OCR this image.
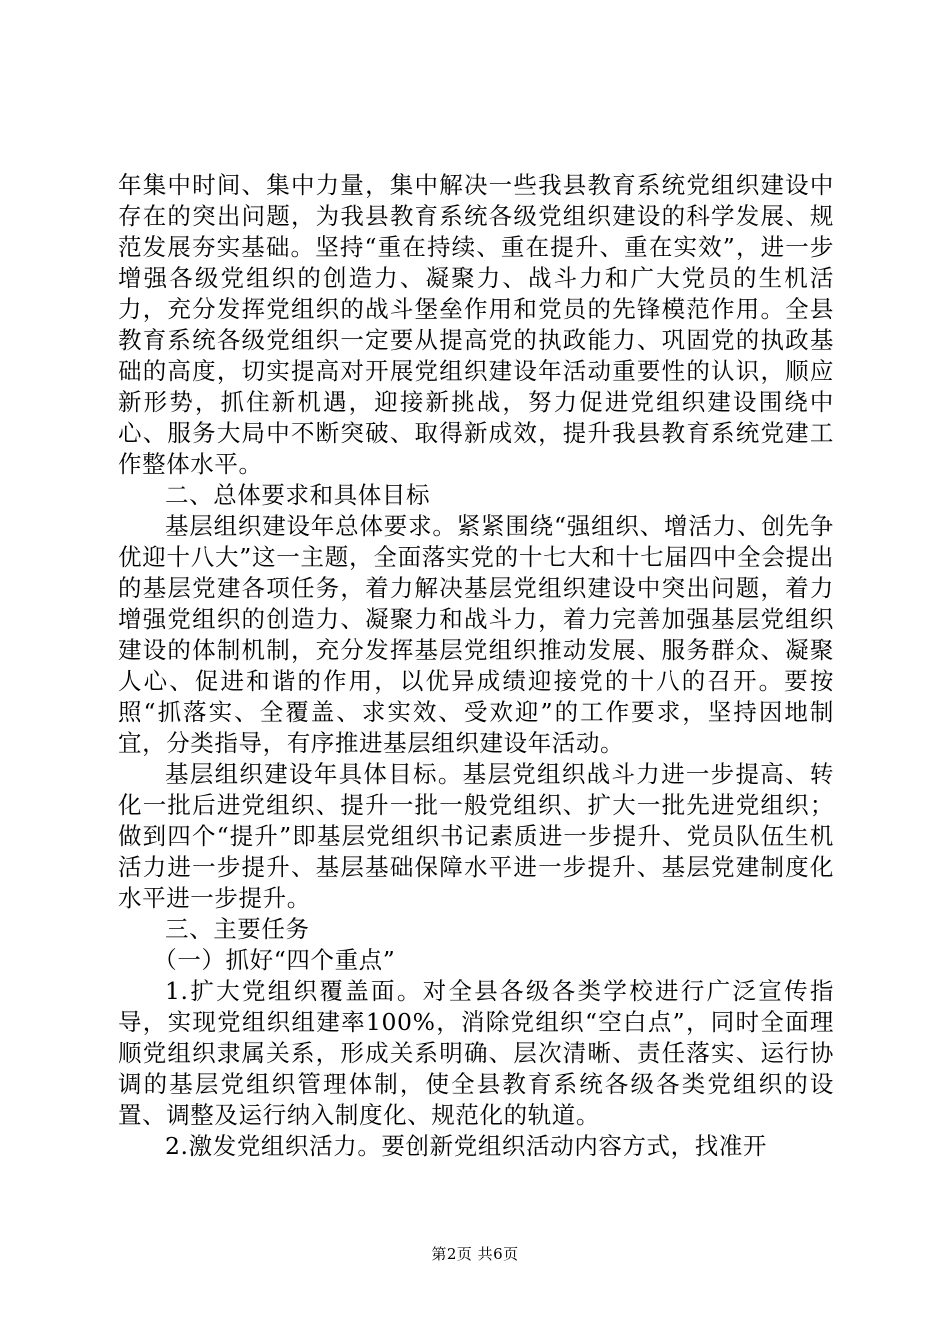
年集中时间、集中力量，集中解决一些我县教育系统党组织建设中存在的突出问题，为我县教育系统各级党组织建设的科学发展、规范发展夯实基础。坚持“重在持续、重在提升、重在实效”，进一步增强各级党组织的创造力、凝聚力、战斗力和广大党员的生机活力，充分发挥党组织的战斗堡垒作用和党员的先锋模范作用。全县教育系统各级党组织一定要从提高党的执政能力、巩固党的执政基础的高度，切实提高对开展党组织建设年活动重要性的认识，顺应新形势，抓住新机遇，迎接新挑战，努力促进党组织建设围绕中心、服务大局中不断突破、取得新成效，提升我县教育系统党建工作整体水平。

二、总体要求和具体目标

基层组织建设年总体要求。紧紧围绕“强组织、增活力、创先争优迎十八大”这一主题，全面落实党的十七大和十七届四中全会提出的基层党建各项任务，着力解决基层党组织建设中突出问题，着力增强党组织的创造力、凝聚力和战斗力，着力完善加强基层党组织建设的体制机制，充分发挥基层党组织推动发展、服务群众、凝聚人心、促进和谐的作用，以优异成绩迎接党的十八的召开。要按照“抓落实、全覆盖、求实效、受欢迎”的工作要求，坚持因地制宜，分类指导，有序推进基层组织建设年活动。

基层组织建设年具体目标。基层党组织战斗力进一步提高、转化一批后进党组织、提升一批一般党组织、扩大一批先进党组织；做到四个“提升”即基层党组织书记素质进一步提升、党员队伍生机活力进一步提升、基层基础保障水平进一步提升、基层党建制度化水平进一步提升。

三、主要任务

（一）抓好“四个重点”

1.扩大党组织覆盖面。对全县各级各类学校进行广泛宣传指导，实现党组织组建率100%，消除党组织“空白点”，同时全面理顺党组织隶属关系，形成关系明确、层次清晰、责任落实、运行协调的基层党组织管理体制，使全县教育系统各级各类党组织的设置、调整及运行纳入制度化、规范化的轨道。

2.激发党组织活力。要创新党组织活动内容方式，找准开

第2页 共6页
